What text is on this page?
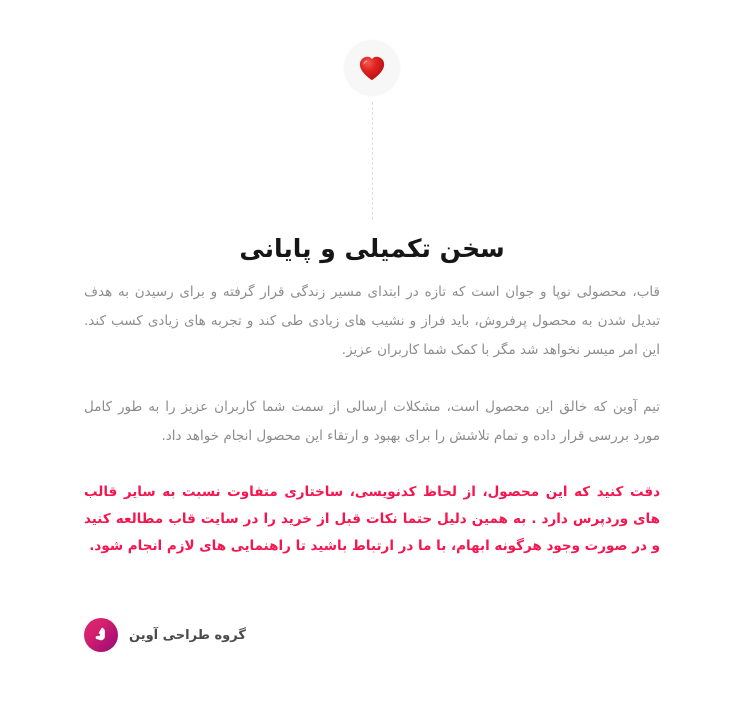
سخن تکمیلی و پایانی

قاب، محصولی نوپا و جوان است که تازه در ابتدای مسیر زندگی قرار گرفته و برای رسیدن به هدف تبدیل شدن به محصول پرفروش، باید فراز و نشیب های زیادی طی کند و تجربه های زیادی کسب کند. این امر میسر نخواهد شد مگر با کمک شما کاربران عزیز.

تیم آوین که خالق این محصول است، مشکلات ارسالی از سمت شما کاربران عزیز را به طور کامل مورد بررسی قرار داده و تمام تلاشش را برای بهبود و ارتقاء این محصول انجام خواهد داد.

دقت کنید که این محصول، از لحاظ کدنویسی، ساختاری متفاوت نسبت به سایر قالب های وردپرس دارد . به همین دلیل حتما نکات قبل از خرید را در سایت قاب مطالعه کنید و در صورت وجود هرگونه ابهام، با ما در ارتباط باشید تا راهنمایی های لازم انجام شود.

گروه طراحی آوین
